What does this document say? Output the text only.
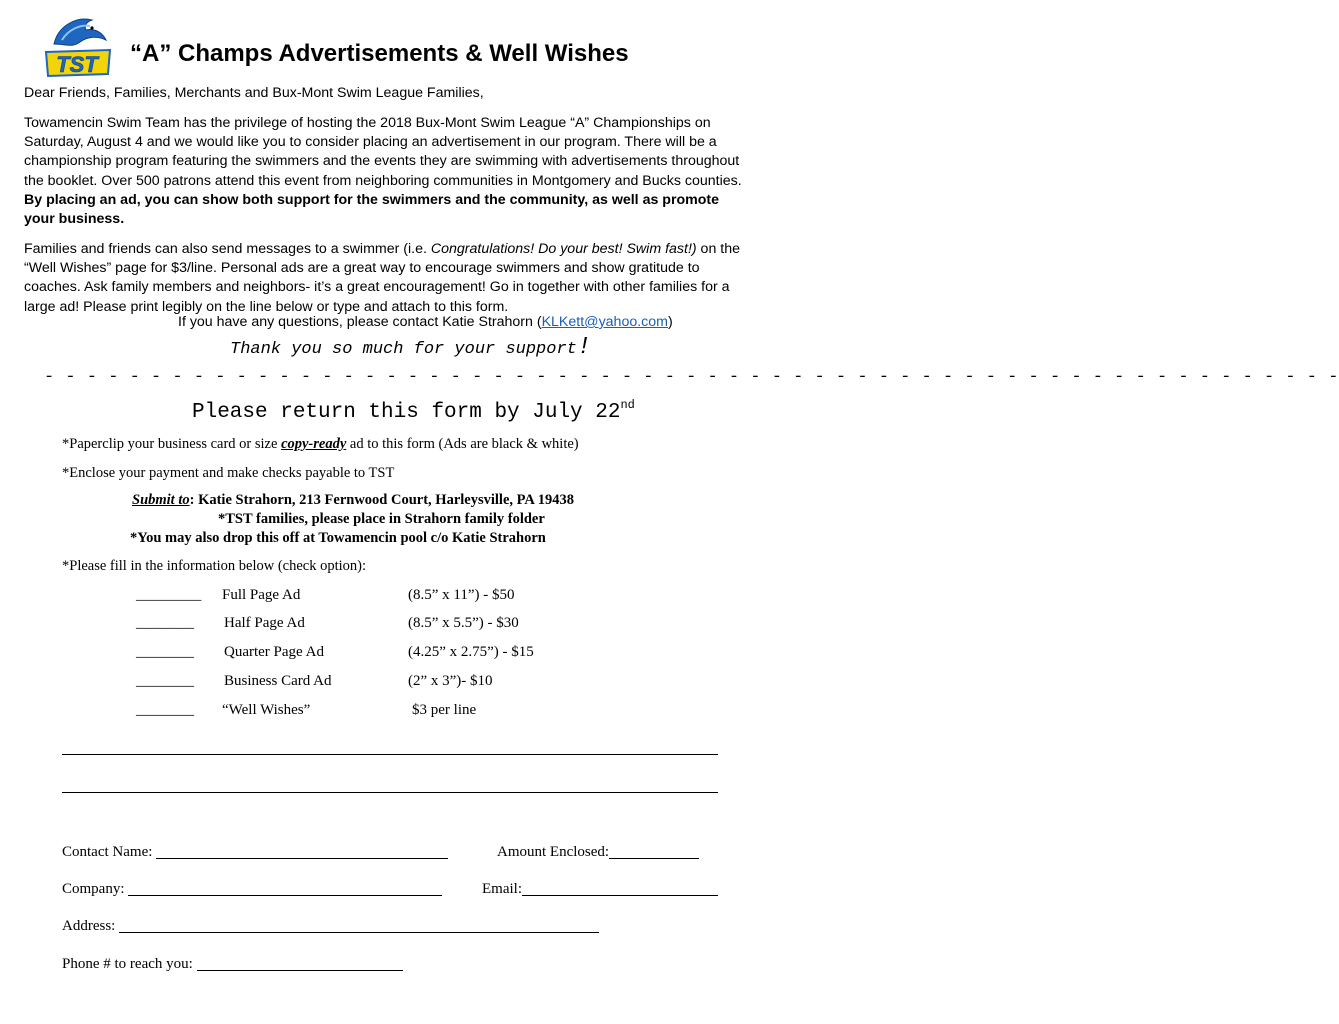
TST “A” Champs Advertisements & Well Wishes
Dear Friends, Families, Merchants and Bux-Mont Swim League Families,
Towamencin Swim Team has the privilege of hosting the 2018 Bux-Mont Swim League “A” Championships on Saturday, August 4 and we would like you to consider placing an advertisement in our program. There will be a championship program featuring the swimmers and the events they are swimming with advertisements throughout the booklet. Over 500 patrons attend this event from neighboring communities in Montgomery and Bucks counties. By placing an ad, you can show both support for the swimmers and the community, as well as promote your business.
Families and friends can also send messages to a swimmer (i.e. Congratulations! Do your best! Swim fast!) on the “Well Wishes” page for $3/line. Personal ads are a great way to encourage swimmers and show gratitude to coaches. Ask family members and neighbors- it’s a great encouragement! Go in together with other families for a large ad! Please print legibly on the line below or type and attach to this form.
If you have any questions, please contact Katie Strahorn (KLKett@yahoo.com)
Thank you so much for your support!
- - - - - - - - - - - - - - - - - - - - - - - - - - - - - - - - - - - - - - - - - - - - - - - - - - - - - - - - - - - - -
Please return this form by July 22nd
*Paperclip your business card or size copy-ready ad to this form (Ads are black & white)
*Enclose your payment and make checks payable to TST
Submit to: Katie Strahorn, 213 Fernwood Court, Harleysville, PA 19438
*TST families, please place in Strahorn family folder
*You may also drop this off at Towamencin pool c/o Katie Strahorn
*Please fill in the information below (check option):
_________ Full Page Ad	(8.5” x 11”) - $50
________ Half Page Ad	(8.5” x 5.5”) - $30
________ Quarter Page Ad	(4.25” x 2.75”) - $15
________ Business Card Ad	(2” x 3”)- $10
________ “Well Wishes”	$3 per line
Contact Name:	Amount Enclosed:
Company:	Email:
Address:
Phone # to reach you:
